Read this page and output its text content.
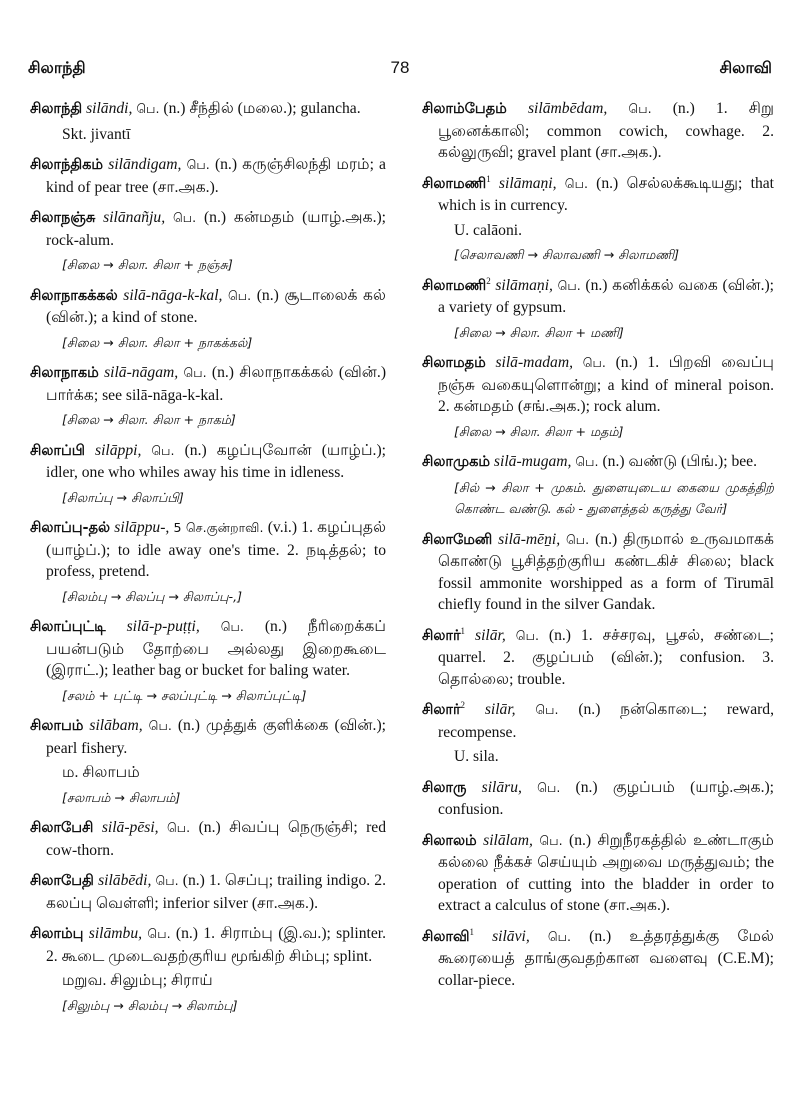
சிலாந்தி	78	சிலாவி
சிலாந்தி silāndi, பெ. (n.) சீந்தில் (மலை.); gulancha.
Skt. jivantī
சிலாந்திகம் silāndigam, பெ. (n.) கருஞ்சிலந்தி மரம்; a kind of pear tree (சா.அக.).
சிலாநஞ்சு silānañju, பெ. (n.) கன்மதம் (யாழ்.அக.); rock-alum.
[சிலை → சிலா. சிலா + நஞ்சு]
சிலாநாகக்கல் silā-nāga-k-kal, பெ. (n.) சூடாலைக் கல் (வின்.); a kind of stone.
[சிலை → சிலா. சிலா + நாகக்கல்]
சிலாநாகம் silā-nāgam, பெ. (n.) சிலாநாகக்கல் (வின்.) பார்க்க; see silā-nāga-k-kal.
[சிலை → சிலா. சிலா + நாகம்]
சிலாப்பி silāppi, பெ. (n.) கழப்புவோன் (யாழ்ப்.); idler, one who whiles away his time in idleness.
[சிலாப்பு → சிலாப்பி]
சிலாப்பு-தல் silāppu-, 5 செ.குன்றாவி. (v.i.) 1. கழப்புதல் (யாழ்ப்.); to idle away one's time. 2. நடித்தல்; to profess, pretend.
[சிலம்பு → சிலப்பு → சிலாப்பு-,]
சிலாப்புட்டி silā-p-puṭṭi, பெ. (n.) நீரிறைக்கப் பயன்படும் தோற்பை அல்லது இறைகூடை (இராட்.); leather bag or bucket for baling water.
[சலம் + புட்டி → சலப்புட்டி → சிலாப்புட்டி]
சிலாபம் silābam, பெ. (n.) முத்துக் குளிக்கை (வின்.); pearl fishery.
ம. சிலாபம்
[சலாபம் → சிலாபம்]
சிலாபேசி silā-pēsi, பெ. (n.) சிவப்பு நெருஞ்சி; red cow-thorn.
சிலாபேதி silābēdi, பெ. (n.) 1. செப்பு; trailing indigo. 2. கலப்பு வெள்ளி; inferior silver (சா.அக.).
சிலாம்பு silāmbu, பெ. (n.) 1. சிராம்பு (இ.வ.); splinter. 2. கூடை முடைவதற்குரிய மூங்கிற் சிம்பு; splint.
மறுவ. சிலும்பு; சிராய்
[சிலும்பு → சிலம்பு → சிலாம்பு]
சிலாம்பேதம் silāmbēdam, பெ. (n.) 1. சிறு பூனைக்காலி; common cowich, cowhage. 2. கல்லுருவி; gravel plant (சா.அக.).
சிலாமணி$^1$ silāmaṇi, பெ. (n.) செல்லக்கூடியது; that which is in currency.
U. calāoni.
[செலாவணி → சிலாவணி → சிலாமணி]
சிலாமணி$^2$ silāmaṇi, பெ. (n.) கனிக்கல் வகை (வின்.); a variety of gypsum.
[சிலை → சிலா. சிலா + மணி]
சிலாமதம் silā-madam, பெ. (n.) 1. பிறவி வைப்பு நஞ்சு வகையுளொன்று; a kind of mineral poison. 2. கன்மதம் (சங்.அக.); rock alum.
[சிலை → சிலா. சிலா + மதம்]
சிலாமுகம் silā-mugam, பெ. (n.) வண்டு (பிங்.); bee.
[சில் → சிலா + முகம். துளையுடைய கையை முகத்திற் கொண்ட வண்டு. கல் - துளைத்தல் கருத்து வேர்]
சிலாமேனி silā-mēṉi, பெ. (n.) திருமால் உருவமாகக் கொண்டு பூசித்தற்குரிய கண்டகிச் சிலை; black fossil ammonite worshipped as a form of Tirumāl chiefly found in the silver Gandak.
சிலார்$^1$ silār, பெ. (n.) 1. சச்சரவு, பூசல், சண்டை; quarrel. 2. குழப்பம் (வின்.); confusion. 3. தொல்லை; trouble.
சிலார்$^2$ silār, பெ. (n.) நன்கொடை; reward, recompense.
U. sila.
சிலாரு silāru, பெ. (n.) குழப்பம் (யாழ்.அக.); confusion.
சிலாலம் silālam, பெ. (n.) சிறுநீரகத்தில் உண்டாகும் கல்லை நீக்கச் செய்யும் அறுவை மருத்துவம்; the operation of cutting into the bladder in order to extract a calculus of stone (சா.அக.).
சிலாவி$^1$ silāvi, பெ. (n.) உத்தரத்துக்கு மேல் கூரையைத் தாங்குவதற்கான வளைவு (C.E.M); collar-piece.
